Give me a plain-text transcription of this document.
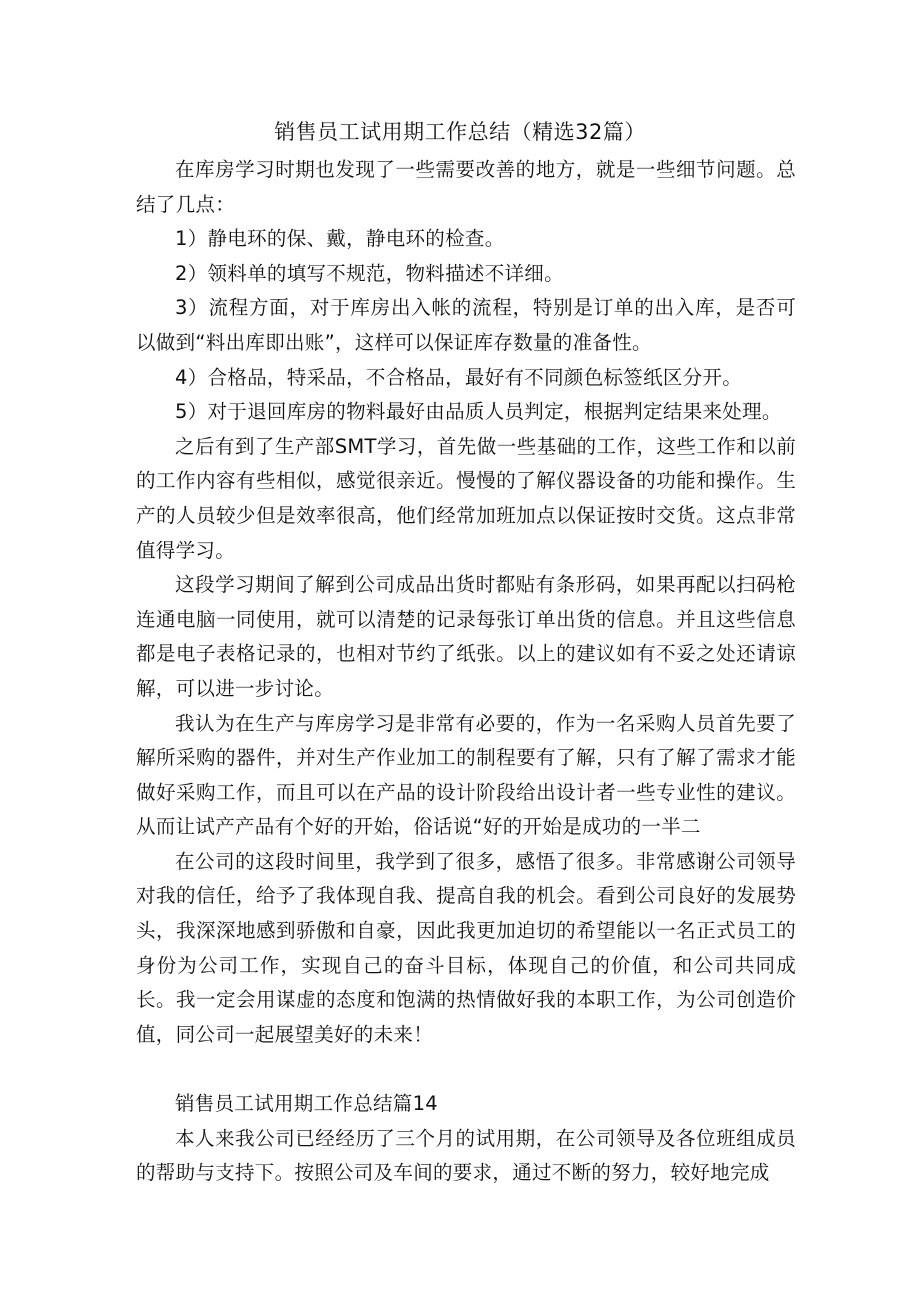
销售员工试用期工作总结（精选32篇）

在库房学习时期也发现了一些需要改善的地方，就是一些细节问题。总结了几点：

1）静电环的保、戴，静电环的检查。

2）领料单的填写不规范，物料描述不详细。

3）流程方面，对于库房出入帐的流程，特别是订单的出入库，是否可以做到“料出库即出账”，这样可以保证库存数量的准备性。

4）合格品，特采品，不合格品，最好有不同颜色标签纸区分开。

5）对于退回库房的物料最好由品质人员判定，根据判定结果来处理。

之后有到了生产部SMT学习，首先做一些基础的工作，这些工作和以前的工作内容有些相似，感觉很亲近。慢慢的了解仪器设备的功能和操作。生产的人员较少但是效率很高，他们经常加班加点以保证按时交货。这点非常值得学习。

这段学习期间了解到公司成品出货时都贴有条形码，如果再配以扫码枪连通电脑一同使用，就可以清楚的记录每张订单出货的信息。并且这些信息都是电子表格记录的，也相对节约了纸张。以上的建议如有不妥之处还请谅解，可以进一步讨论。

我认为在生产与库房学习是非常有必要的，作为一名采购人员首先要了解所采购的器件，并对生产作业加工的制程要有了解，只有了解了需求才能做好采购工作，而且可以在产品的设计阶段给出设计者一些专业性的建议。从而让试产产品有个好的开始，俗话说“好的开始是成功的一半二

在公司的这段时间里，我学到了很多，感悟了很多。非常感谢公司领导对我的信任，给予了我体现自我、提高自我的机会。看到公司良好的发展势头，我深深地感到骄傲和自豪，因此我更加迫切的希望能以一名正式员工的身份为公司工作，实现自己的奋斗目标，体现自己的价值，和公司共同成长。我一定会用谋虚的态度和饱满的热情做好我的本职工作，为公司创造价值，同公司一起展望美好的未来！

销售员工试用期工作总结篇14

本人来我公司已经经历了三个月的试用期，在公司领导及各位班组成员的帮助与支持下。按照公司及车间的要求，通过不断的努力，较好地完成
